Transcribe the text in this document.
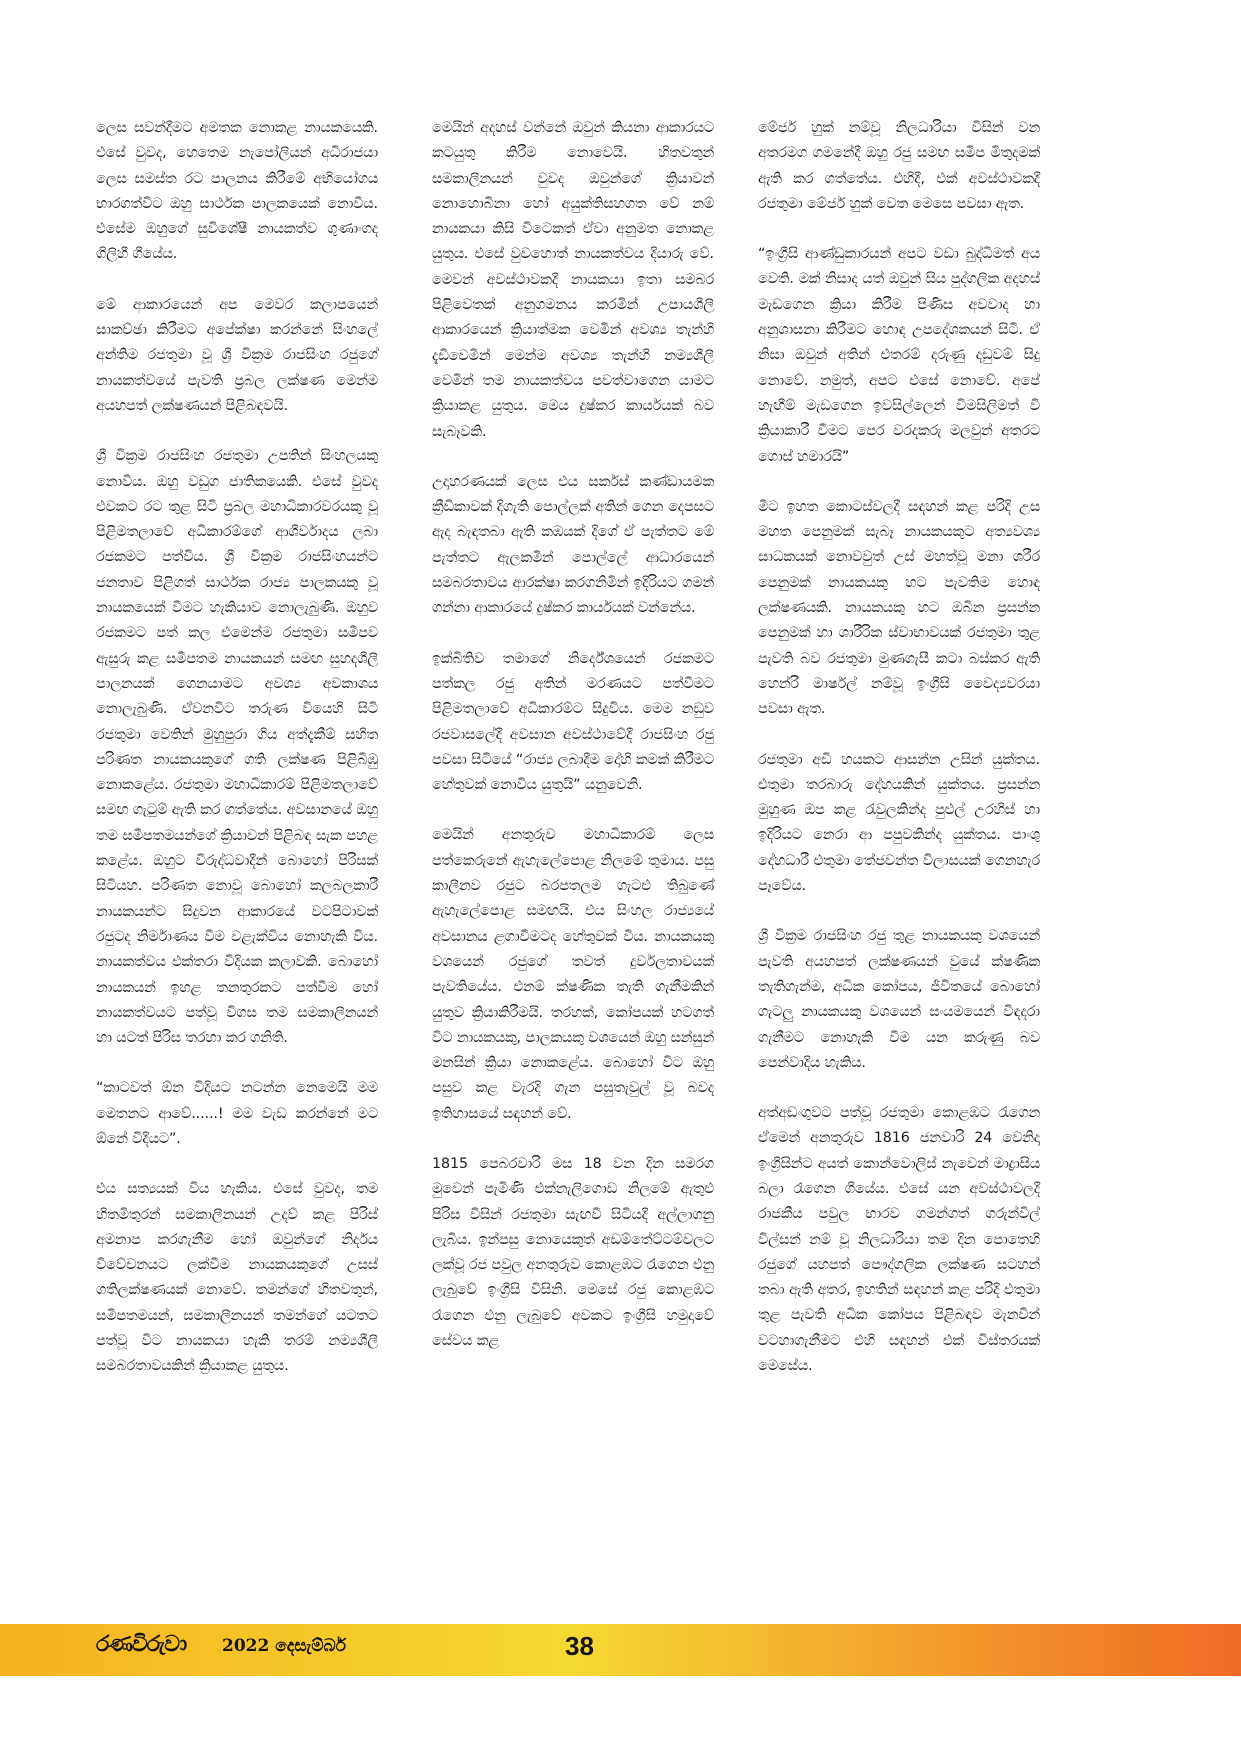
ලෙස සවන්දීමට අමතක නොකළ නායකයෙකි. එසේ වුවද, හෙතෙම නැපෝලියන් අධිරාජයා ලෙස සමස්ත රට පාලනය කිරීමේ අභියෝගය භාරගත්විට ඔහු සාර්ථක පාලකයෙක් නොවීය. එසේම ඔහුගේ සුවිශේෂී නායකත්ව ගුණාංගද ගිලිහී ගියේය.

මේ ආකාරයෙන් අප මෙවර කලාපයෙන් සාකච්ඡා කිරීමට අපේක්ෂා කරන්නේ සිංහලේ අන්තිම රජතුමා වූ ශ්‍රී වික්‍රම රාජසිංහ රජුගේ නායකත්වයේ පැවති ප්‍රබල ලක්ෂණ මෙන්ම අයහපත් ලක්ෂණයන් පිළිබඳවයි.

ශ්‍රී වික්‍රම රාජසිංහ රජතුමා උපතින් සිංහලයකු නොවීය. ඔහු වඩුග ජාතිකයෙකි. එසේ වුවද එවකට රට තුළ සිටි ප්‍රබල මහාධිකාරවරයකු වූ පිළිමතලාවේ අධිකාරම්ගේ ආශීර්වාදය ලබා රජකමට පත්විය. ශ්‍රී වික්‍රම රාජසිංහයන්ට ජනතාව පිළිගත් සාර්ථක රාජ්‍ය පාලකයකු වූ නායකයෙක් වීමට හැකියාව නොලැබුණි. ඔහුව රජකමට පත් කල එමෙන්ම රජතුමා සමීපව ඇසුරු කළ සමීපතම නායකයන් සමඟ සුහදශීලී පාලනයක් ගෙනයාමට අවශ්‍ය අවකාශය නොලැබුණි. ඒවනවිට තරුණ වියෙහි සිටි රජතුමා වෙතින් මුහුපුරා ගිය අත්දැකීම් සහිත පරිණත නායකයකුගේ ගති ලක්ෂණ පිළිබිඹු නොකළේය. රජතුමා මහාධිකාරම් පිළිමතලාවේ සමඟ ගැටුම් ඇති කර ගත්තේය. අවසානයේ ඔහු තම සමීපතමයන්ගේ ක්‍රියාවන් පිළිබඳ සැක පහළ කළේය. ඔහුට විරුද්ධවාදීන් බොහෝ පිරිසක් සිටියහ. පරිණත නොවූ බොහෝ කලබලකාරී නායකයන්ට සිදුවන ආකාරයේ වටපිටාවක් රජුටද නිර්මාණය වීම වළැක්විය නොහැකි විය. නායකත්වය එක්තරා විදියක කලාවකි. බොහෝ නායකයන් ඉහළ තනතුරකට පත්වීම හෝ නායකත්වයට පත්වූ විගස තම සමකාලීනයන් හා යටත් පිරිස තරහා කර ගනිති.

“කාටවත් ඕන විදියට නටන්න නෙමෙයි මම මෙතනට ආවේ......! මම වැඩ කරන්නේ මට ඕනේ විදියට”.

එය සත්‍යයක් විය හැකිය. එසේ වුවද, තම හිතමිතුරන් සමකාලීනයන් උදව් කළ පිරිස් අමනාප කරගැනීම හෝ ඔවුන්ගේ නිර්දය විවේචනයට ලක්වීම නායකයකුගේ උසස් ගතිලක්ෂණයක් නොවේ. තමන්ගේ හිතවතුන්, සමීපතමයන්, සමකාලීනයන් තමන්ගේ යටතට පත්වූ විට නායකයා හැකි තරම් නම්‍යශීලී සමබරතාවයකින් ක්‍රියාකළ යුතුය.

මෙයින් අදහස් වන්නේ ඔවුන් කියනා ආකාරයට කටයුතු කිරීම නොවෙයි. හිතවතුන් සමකාලීනයන් වුවද ඔවුන්ගේ ක්‍රියාවන් නොහොබිනා හෝ අයුක්තිසහගත වේ නම් නායකයා කිසි විටෙකත් ඒවා අනුමත නොකළ යුතුය. එසේ වුවහොත් නායකත්වය දියාරු වේ. මෙවන් අවස්ථාවකදී නායකයා ඉතා සමබර පිළිවෙතක් අනුගමනය කරමින් උපායශීලී ආකාරයෙන් ක්‍රියාත්මක වෙමින් අවශ්‍ය තැන්හි දැඩිවෙමින් මෙන්ම අවශ්‍ය තැන්හි නම්‍යශීලී වෙමින් තම නායකත්වය පවත්වාගෙන යාමට ක්‍රියාකළ යුතුය. මෙය දුෂ්කර කාර්යයක් බව සැබෑවකි.

උදාහරණයක් ලෙස එය සර්කස් කණ්ඩායමක ක්‍රීඩිකාවක් දිගැති පොල්ලක් අතින් ගෙන දෙපසට ඇද බැඳතබා ඇති කඹයක් දිගේ ඒ පැත්තට මේ පැත්තට ඇලකමින් පොල්ලේ ආධාරයෙන් සමබරතාවය ආරක්ෂා කරගනිමින් ඉදිරියට ගමන් ගන්නා ආකාරයේ දුෂ්කර කාර්යයක් වන්නේය.

ඉක්බිතිව තමාගේ නිර්දේශයෙන් රජකමට පත්කල රජු අතින් මරණයට පත්වීමට පිළිමතලාවේ අධිකාරම්ට සිදුවිය. මෙම නඩුව රජවාසලේදී අවසාන අවස්ථාවේදී රාජසිංහ රජු පවසා සිටියේ “රාජ්‍ය ලබාදීම දෝහි කමක් කිරීමට හේතුවක් නොවිය යුතුයි” යනුවෙනි.

මෙයින් අනතුරුව මහාධිකාරම් ලෙස පත්කෙරුනේ ඇහැලේපොළ නිලමේ තුමාය. පසු කාලීනව රජුට බරපතලම ගැටළු තිබුණේ ඇහැලේපොළ සමඟයි. එය සිංහල රාජ්‍යයේ අවසානය ළගාවීමටද හේතුවක් විය. නායකයකු වශයෙන් රජුගේ තවත් දුර්වලතාවයක් පැවතියේය. එනම් ක්ෂණික තැති ගැනීමකින් යුතුව ක්‍රියාකිරීමයි. තරහක්, කෝපයක් හටගත් විට නායකයකු, පාලකයකු වශයෙන් ඔහු සන්සුන් මනසින් ක්‍රියා නොකළේය. බොහෝ විට ඔහු පසුව කළ වැරදි ගැන පසුතැවුල් වූ බවද ඉතිහාසයේ සඳහන් වේ.

1815 පෙබරවාරි මස 18 වන දින සමරග මුවෙන් පැමිණි එක්නැලිගොඩ නිලමේ ඇතුළු පිරිස විසින් රජතුමා සැඟවී සිටියදී අල්ලාගනු ලැබිය. ඉන්පසු නොයෙකුත් අඩම්තේට්ටම්වලට ලක්වූ රජ පවුල අනතුරුව කොළඹට රැගෙන එනු ලැබුවේ ඉංග්‍රීසි විසිනි. මෙසේ රජු කොළඹට රැගෙන එනු ලැබුවේ අවකට ඉංග්‍රීසි හමුදාවේ සේවය කළ

මේජර් හුක් නම්වූ නිලධාරියා විසින් වන අතරමග ගමනේදී ඔහු රජු සමඟ සමීප මිතුදමක් ඇති කර ගත්තේය. එහිදී, එක් අවස්ථාවකදී රජතුමා මේජර් හුක් වෙත මෙසෙ පවසා ඇත.

“ඉංග්‍රීසි ආණ්ඩුකාරයන් අපට වඩා බුද්ධිමත් අය වෙති. මක් නිසාද යත් ඔවුන් සිය පුද්ගලික අදහස් මැඩගෙන ක්‍රියා කිරීම පිණිස අවවාද හා අනුශාසනා කිරීමට හොඳ උපදේශකයන් සිටී. ඒ නිසා ඔවුන් අතින් එතරම් දරුණු දඩුවම් සිදු නොවේ. නමුත්, අපට එසේ නොවේ. අපේ හැඟීම් මැඩගෙන ඉවසිල්ලෙන් විමසිලිමත් වී ක්‍රියාකාරී වීමට පෙර වරදකරු මලවුන් අතරට ගොස් හමාරයි”

මීට ඉහත කොටස්වලදී සඳහන් කළ පරිදි උස මහත පෙනුමක් සැබෑ නායකයකුට අත්‍යවශ්‍ය සාධකයක් නොවවුත් උස් මහත්වූ මනා ශරීර පෙනුමක් නායකයකු හට පැවතිම හොඳ ලක්ෂණයකි. නායකයකු හට ඔබින ප්‍රසන්න පෙනුමක් හා ශාරීරික ස්වාභාවයක් රජතුමා තුළ පැවති බව රජතුමා මුණගැසී කටා බස්කර ඇති හෙන්රි මාර්ෂල් නම්වූ ඉංග්‍රීසි වෛද්‍යවරයා පවසා ඇත.

රජතුමා අඩි හයකට ආසන්න උසින් යුක්තය. එතුමා තරබාරු දේහයකින් යුක්තය. ප්‍රසන්න මුහුණ ඔප කළ රැවුලකින්ද පුළුල් උරහිස් හා ඉදිරියට නෙරා ආ පපුවකින්ද යුක්තය. පාංශු දේහධාරී එතුමා තේජවන්ත විලාසයක් ගෙනහැර පෑවේය.

ශ්‍රී වික්‍රම රාජසිංහ රජු තුළ නායකයකු වශයෙන් පැවති අයහපත් ලක්ෂණයන් වුයේ ක්ෂණික තැතිගැන්ම, අධික කෝපය, ජීවිතයේ බොහෝ ගැටලු නායකයකු වශයෙන් සංයමයෙන් විඳදරා ගැනීමට නොහැකි වීම යන කරුණු බව පෙන්වාදිය හැකිය.

අත්අඩංගුවට පත්වූ රජතුමා කොළඹට රැගෙන ඒමෙන් අනතුරුව 1816 ජනවාරි 24 වෙනිදා ඉංග්‍රීසින්ට අයත් කොන්වොලිස් නැවෙන් මාද්‍රාසිය බලා රැගෙන ගියේය. එසේ යන අවස්ථාවලදී රාජකීය පවුල භාරව ගමන්ගත් ගරුන්විල් විල්සන් නම් වූ නිලධාරියා තම දින පොතෙහි රජුගේ යහපත් පෞද්ගලික ලක්ෂණ සටහන් තබා ඇති අතර, ඉහතින් සඳහන් කළ පරිදි එතුමා තුළ පැවති අධික කෝපය පිළිබඳව මැනවින් වටහාගැනීමට එහි සඳහන් එක් විස්තරයක් මෙසේය.

රණවිරුවා 2022 දෙසැම්බර්	38
